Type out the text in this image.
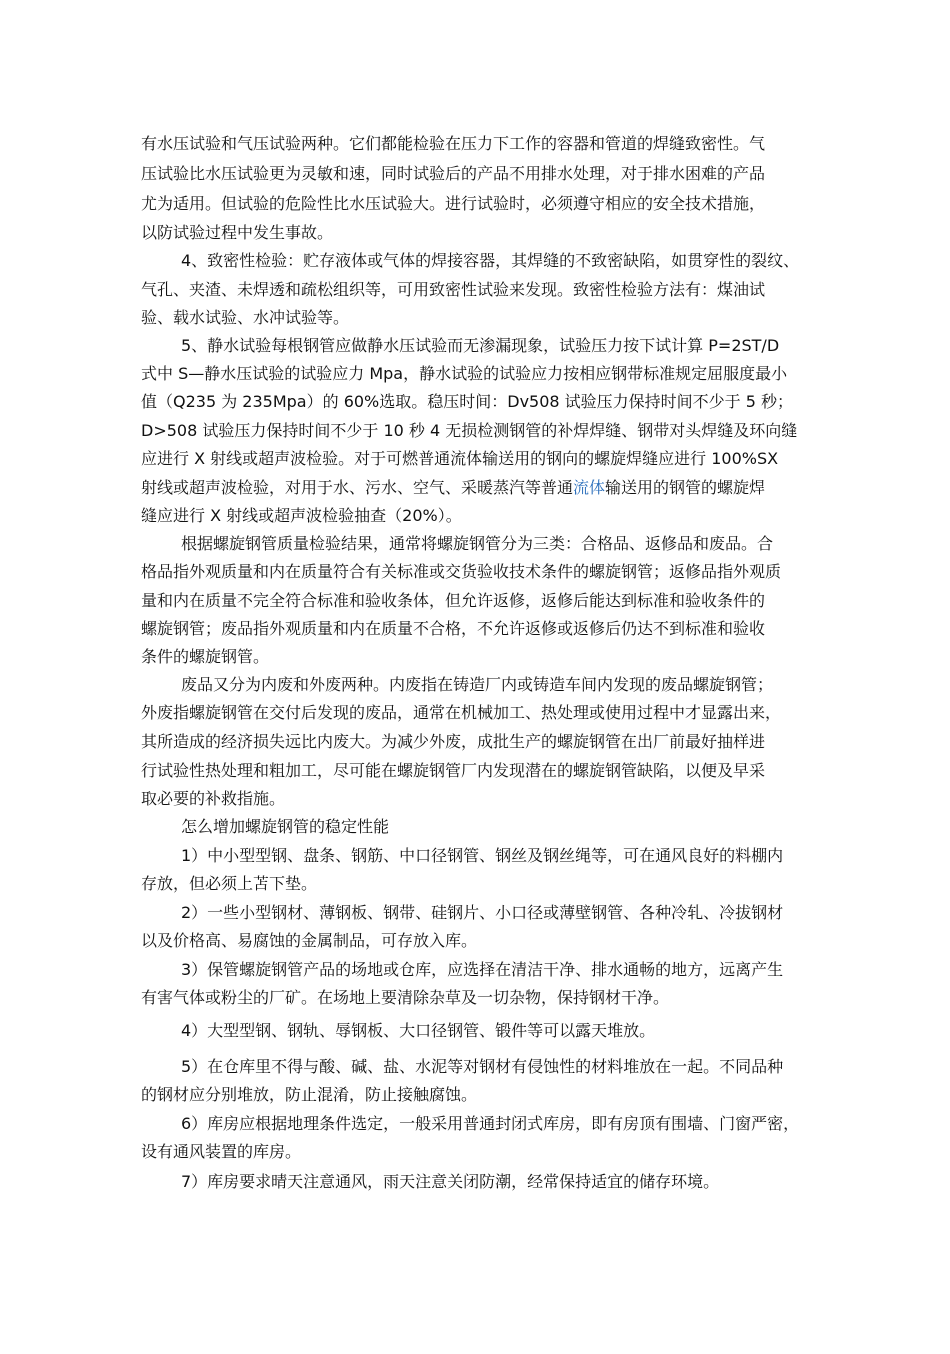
有水压试验和气压试验两种。它们都能检验在压力下工作的容器和管道的焊缝致密性。气
压试验比水压试验更为灵敏和速，同时试验后的产品不用排水处理，对于排水困难的产品
尤为适用。但试验的危险性比水压试验大。进行试验时，必须遵守相应的安全技术措施，
以防试验过程中发生事故。
4、致密性检验：贮存液体或气体的焊接容器，其焊缝的不致密缺陷，如贯穿性的裂纹、
气孔、夹渣、未焊透和疏松组织等，可用致密性试验来发现。致密性检验方法有：煤油试
验、载水试验、水冲试验等。
5、静水试验每根钢管应做静水压试验而无渗漏现象，试验压力按下试计算 P=2ST/D
式中 S—静水压试验的试验应力 Mpa，静水试验的试验应力按相应钢带标准规定屈服度最小
值（Q235 为 235Mpa）的 60%选取。稳压时间：Dv508 试验压力保持时间不少于 5 秒；
D>508 试验压力保持时间不少于 10 秒 4 无损检测钢管的补焊焊缝、钢带对头焊缝及环向缝
应进行 X 射线或超声波检验。对于可燃普通流体输送用的钢向的螺旋焊缝应进行 100%SX
射线或超声波检验，对用于水、污水、空气、采暖蒸汽等普通流体输送用的钢管的螺旋焊
缝应进行 X 射线或超声波检验抽查（20%）。
根据螺旋钢管质量检验结果，通常将螺旋钢管分为三类：合格品、返修品和废品。合
格品指外观质量和内在质量符合有关标准或交货验收技术条件的螺旋钢管；返修品指外观质
量和内在质量不完全符合标准和验收条体，但允许返修，返修后能达到标准和验收条件的
螺旋钢管；废品指外观质量和内在质量不合格，不允许返修或返修后仍达不到标准和验收
条件的螺旋钢管。
废品又分为内废和外废两种。内废指在铸造厂内或铸造车间内发现的废品螺旋钢管；
外废指螺旋钢管在交付后发现的废品，通常在机械加工、热处理或使用过程中才显露出来，
其所造成的经济损失远比内废大。为减少外废，成批生产的螺旋钢管在出厂前最好抽样进
行试验性热处理和粗加工，尽可能在螺旋钢管厂内发现潜在的螺旋钢管缺陷，以便及早采
取必要的补救指施。
怎么增加螺旋钢管的稳定性能
1）中小型型钢、盘条、钢筋、中口径钢管、钢丝及钢丝绳等，可在通风良好的料棚内
存放，但必须上苫下垫。
2）一些小型钢材、薄钢板、钢带、硅钢片、小口径或薄壁钢管、各种冷轧、冷拔钢材
以及价格高、易腐蚀的金属制品，可存放入库。
3）保管螺旋钢管产品的场地或仓库，应选择在清洁干净、排水通畅的地方，远离产生
有害气体或粉尘的厂矿。在场地上要清除杂草及一切杂物，保持钢材干净。
4）大型型钢、钢轨、辱钢板、大口径钢管、锻件等可以露天堆放。
5）在仓库里不得与酸、碱、盐、水泥等对钢材有侵蚀性的材料堆放在一起。不同品种
的钢材应分别堆放，防止混淆，防止接触腐蚀。
6）库房应根据地理条件选定，一般采用普通封闭式库房，即有房顶有围墙、门窗严密，
设有通风装置的库房。
7）库房要求晴天注意通风，雨天注意关闭防潮，经常保持适宜的储存环境。
